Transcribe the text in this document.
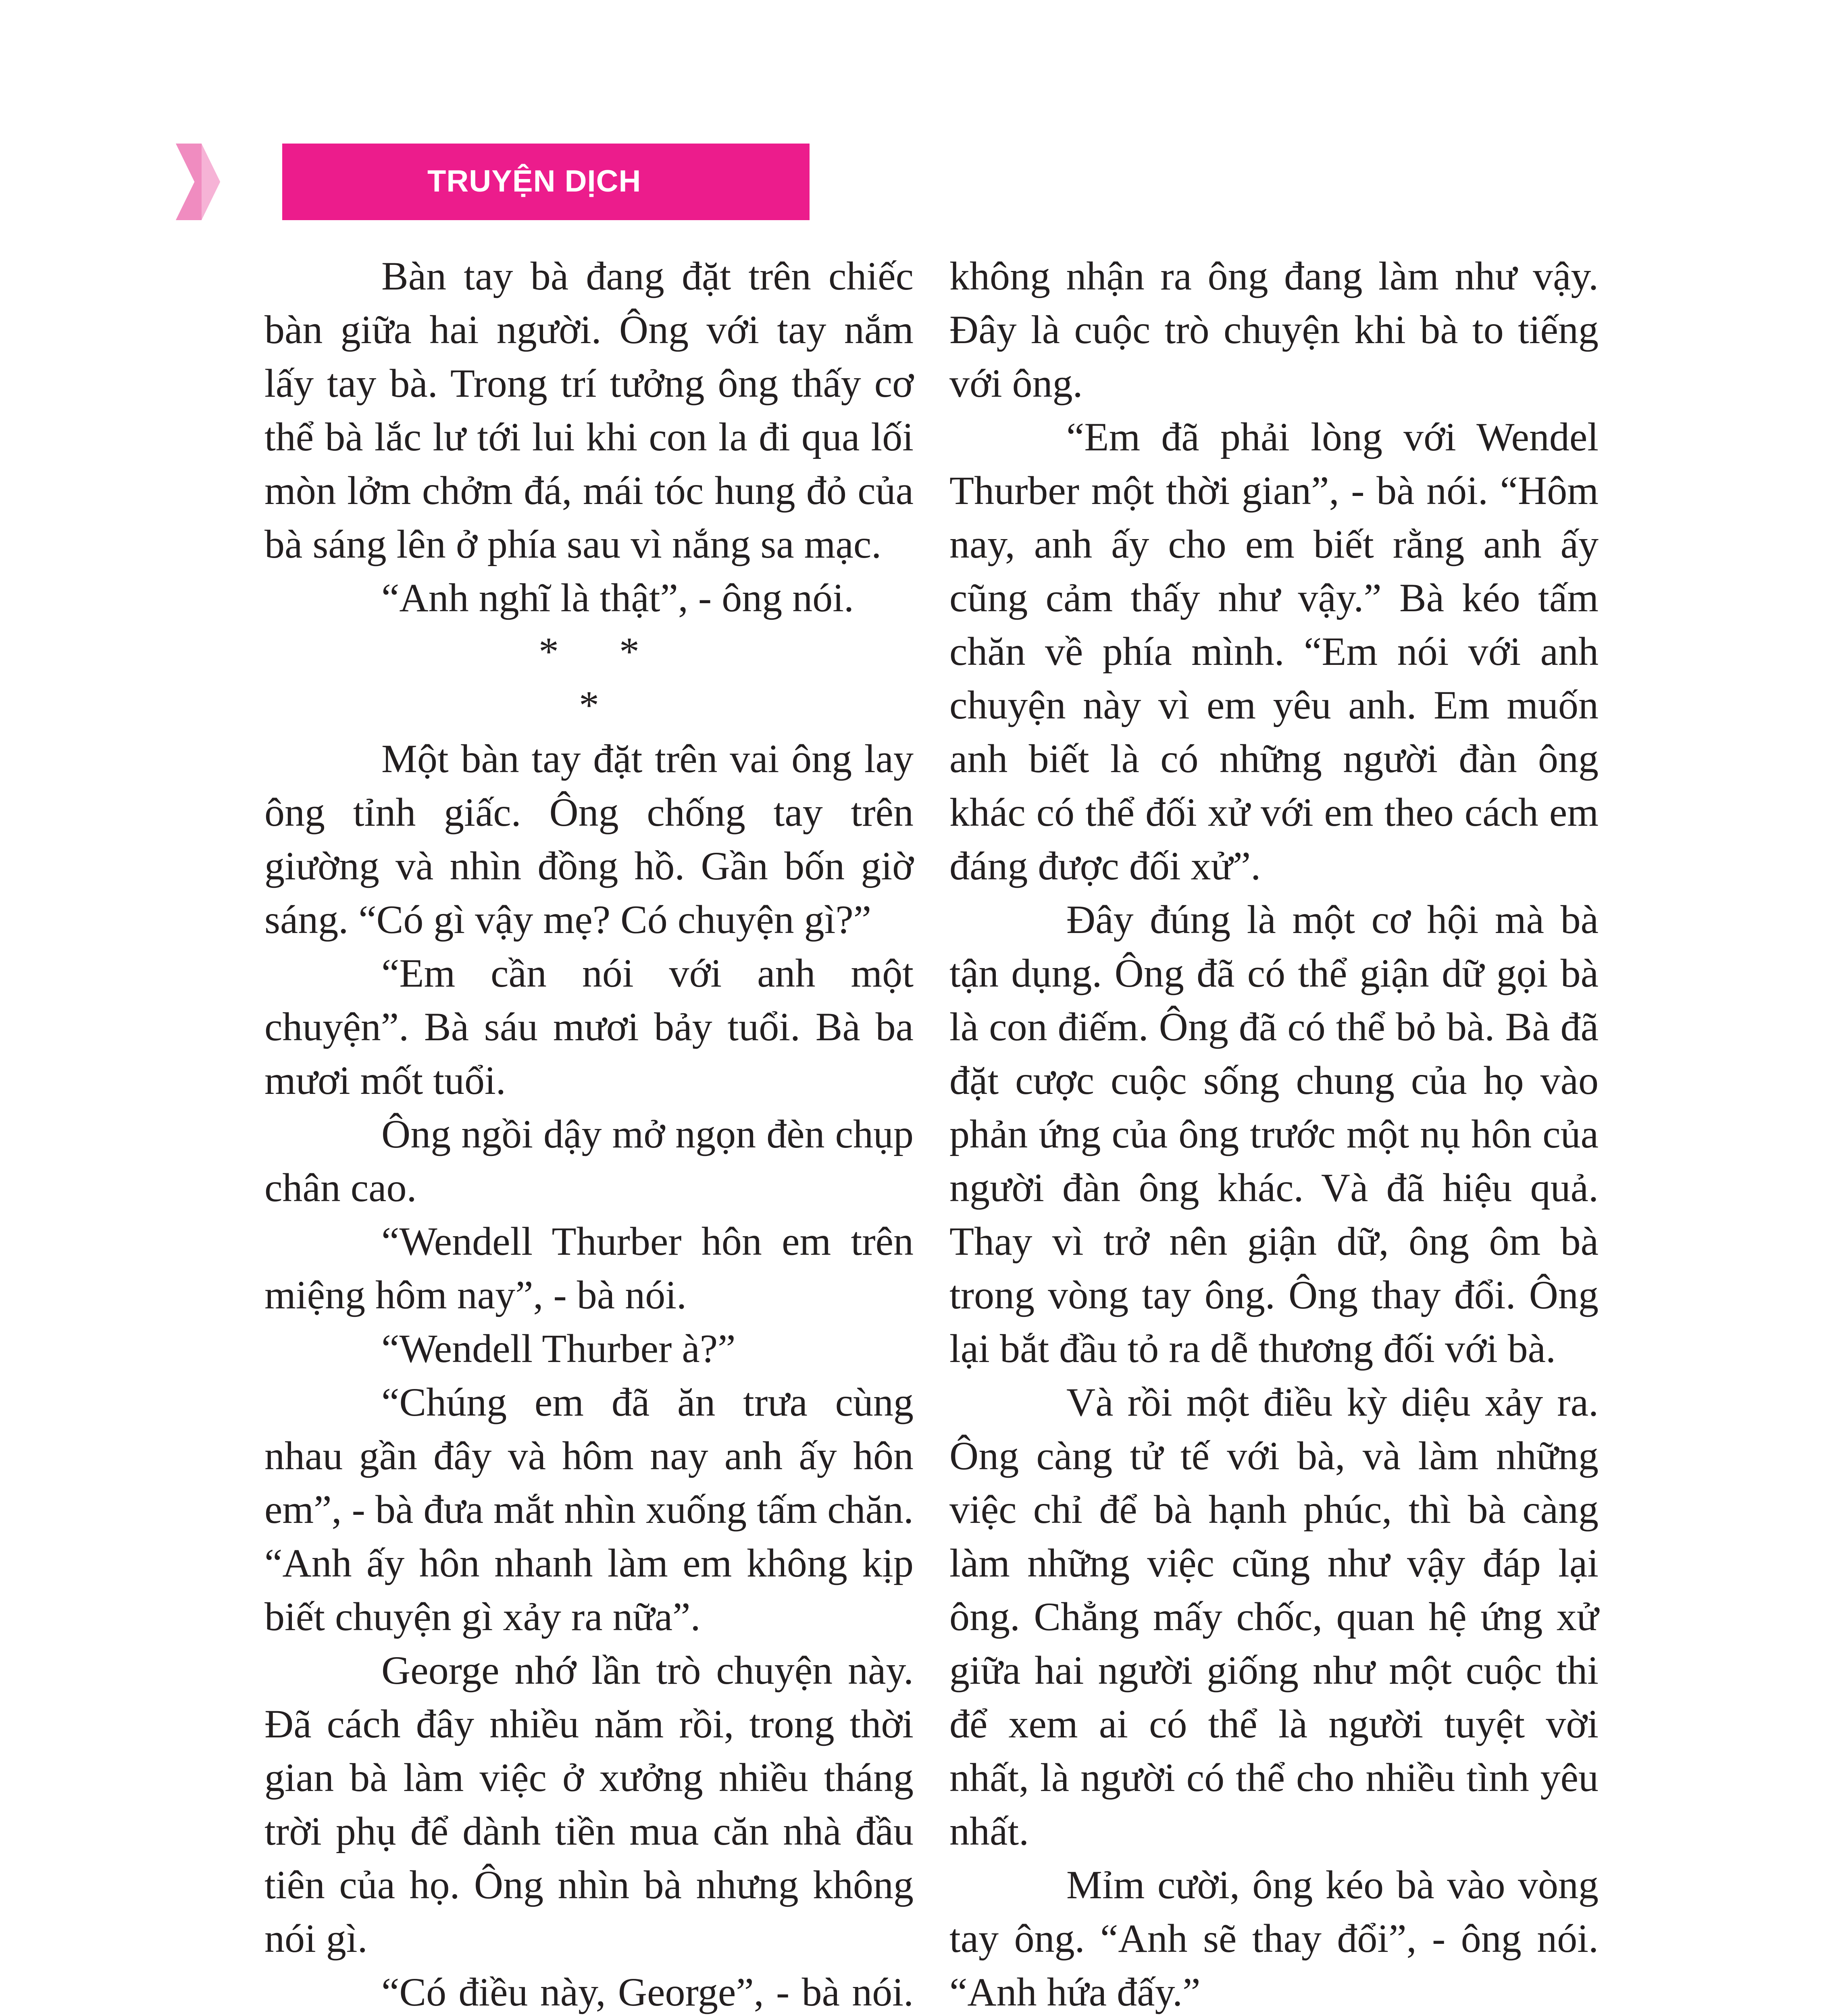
TRUYỆN DỊCH

Bàn tay bà đang đặt trên chiếc bàn giữa hai người. Ông với tay nắm lấy tay bà. Trong trí tưởng ông thấy cơ thể bà lắc lư tới lui khi con la đi qua lối mòn lởm chởm đá, mái tóc hung đỏ của bà sáng lên ở phía sau vì nắng sa mạc.

“Anh nghĩ là thật”, - ông nói.

*      *
*

Một bàn tay đặt trên vai ông lay ông tỉnh giấc. Ông chống tay trên giường và nhìn đồng hồ. Gần bốn giờ sáng. “Có gì vậy mẹ? Có chuyện gì?”

“Em cần nói với anh một chuyện”. Bà sáu mươi bảy tuổi. Bà ba mươi mốt tuổi.

Ông ngồi dậy mở ngọn đèn chụp chân cao.

“Wendell Thurber hôn em trên miệng hôm nay”, - bà nói.

“Wendell Thurber à?”

“Chúng em đã ăn trưa cùng nhau gần đây và hôm nay anh ấy hôn em”, - bà đưa mắt nhìn xuống tấm chăn. “Anh ấy hôn nhanh làm em không kịp biết chuyện gì xảy ra nữa”.

George nhớ lần trò chuyện này. Đã cách đây nhiều năm rồi, trong thời gian bà làm việc ở xưởng nhiều tháng trời phụ để dành tiền mua căn nhà đầu tiên của họ. Ông nhìn bà nhưng không nói gì.

“Có điều này, George”, - bà nói.

không nhận ra ông đang làm như vậy. Đây là cuộc trò chuyện khi bà to tiếng với ông.

“Em đã phải lòng với Wendel Thurber một thời gian”, - bà nói. “Hôm nay, anh ấy cho em biết rằng anh ấy cũng cảm thấy như vậy.” Bà kéo tấm chăn về phía mình. “Em nói với anh chuyện này vì em yêu anh. Em muốn anh biết là có những người đàn ông khác có thể đối xử với em theo cách em đáng được đối xử”.

Đây đúng là một cơ hội mà bà tận dụng. Ông đã có thể giận dữ gọi bà là con điếm. Ông đã có thể bỏ bà. Bà đã đặt cược cuộc sống chung của họ vào phản ứng của ông trước một nụ hôn của người đàn ông khác. Và đã hiệu quả. Thay vì trở nên giận dữ, ông ôm bà trong vòng tay ông. Ông thay đổi. Ông lại bắt đầu tỏ ra dễ thương đối với bà.

Và rồi một điều kỳ diệu xảy ra. Ông càng tử tế với bà, và làm những việc chỉ để bà hạnh phúc, thì bà càng làm những việc cũng như vậy đáp lại ông. Chẳng mấy chốc, quan hệ ứng xử giữa hai người giống như một cuộc thi để xem ai có thể là người tuyệt vời nhất, là người có thể cho nhiều tình yêu nhất.

Mỉm cười, ông kéo bà vào vòng tay ông. “Anh sẽ thay đổi”, - ông nói. “Anh hứa đấy.”
